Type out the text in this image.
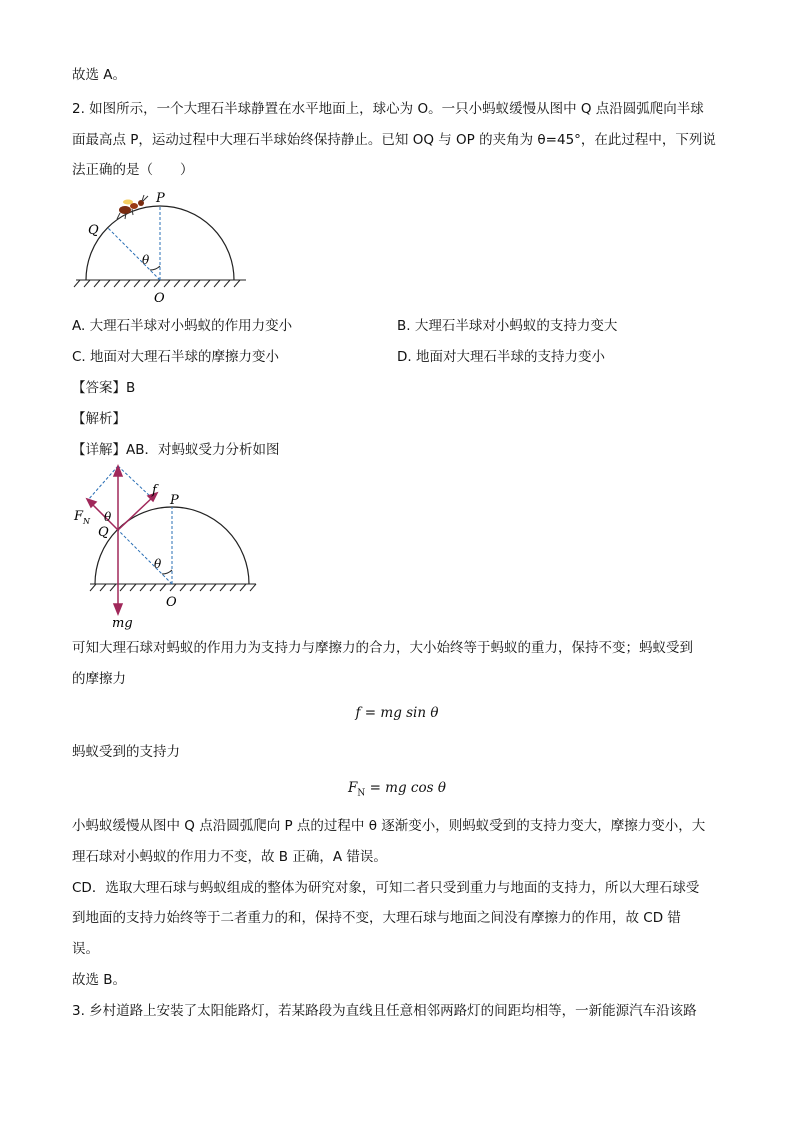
故选 A。
2. 如图所示，一个大理石半球静置在水平地面上，球心为 O。一只小蚂蚁缓慢从图中 Q 点沿圆弧爬向半球
面最高点 P，运动过程中大理石半球始终保持静止。已知 OQ 与 OP 的夹角为 θ=45°，在此过程中，下列说
法正确的是（　　）
P
Q
O
θ
A. 大理石半球对小蚂蚁的作用力变小	B. 大理石半球对小蚂蚁的支持力变大
C. 地面对大理石半球的摩擦力变小	D. 地面对大理石半球的支持力变小
【答案】B
【解析】
【详解】AB．对蚂蚁受力分析如图
F N
f
P
Q
O
θ
θ
mg
可知大理石球对蚂蚁的作用力为支持力与摩擦力的合力，大小始终等于蚂蚁的重力，保持不变；蚂蚁受到
的摩擦力
f = mg sin θ
蚂蚁受到的支持力
$F_N$ = mg cos θ
小蚂蚁缓慢从图中 Q 点沿圆弧爬向 P 点的过程中 θ 逐渐变小，则蚂蚁受到的支持力变大，摩擦力变小，大
理石球对小蚂蚁的作用力不变，故 B 正确，A 错误。
CD．选取大理石球与蚂蚁组成的整体为研究对象，可知二者只受到重力与地面的支持力，所以大理石球受
到地面的支持力始终等于二者重力的和，保持不变，大理石球与地面之间没有摩擦力的作用，故 CD 错
误。
故选 B。
3. 乡村道路上安装了太阳能路灯，若某路段为直线且任意相邻两路灯的间距均相等，一新能源汽车沿该路
